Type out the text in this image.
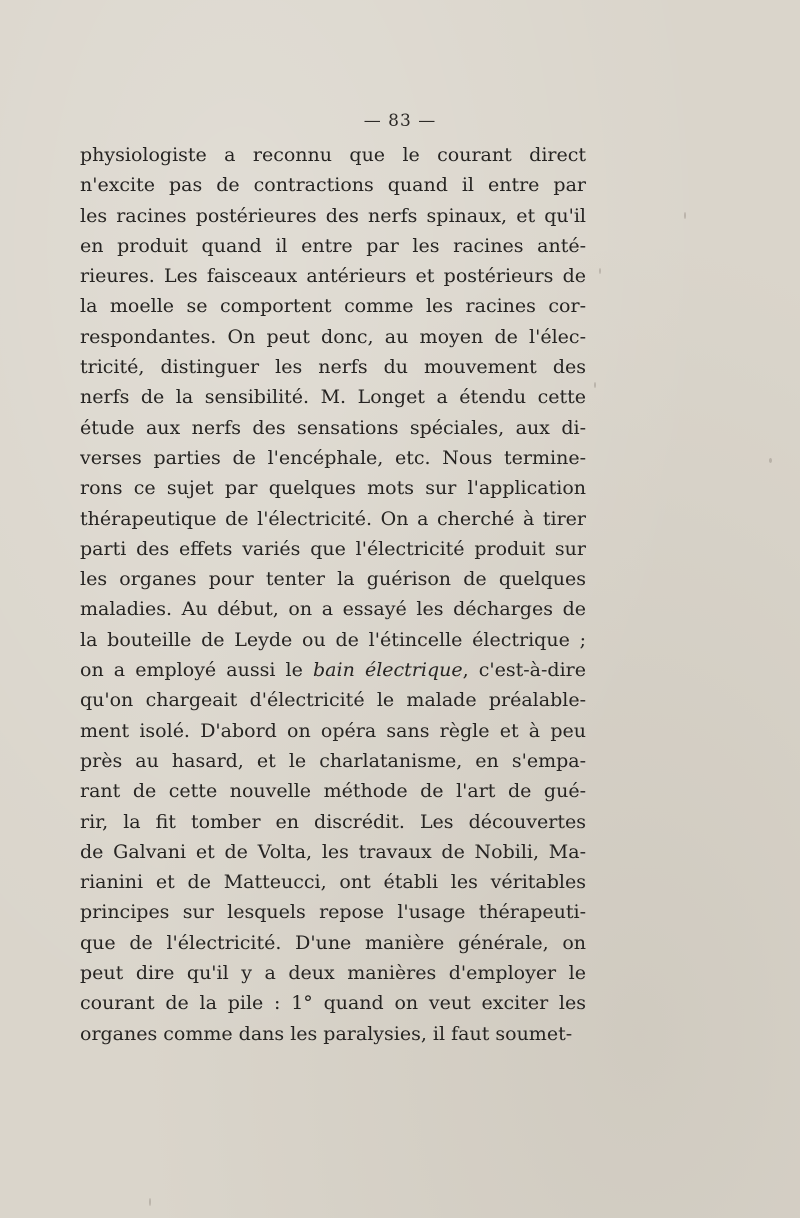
— 83 —
physiologiste a reconnu que le courant direct
n'excite pas de contractions quand il entre par
les racines postérieures des nerfs spinaux, et qu'il
en produit quand il entre par les racines anté-
rieures. Les faisceaux antérieurs et postérieurs de
la moelle se comportent comme les racines cor-
respondantes. On peut donc, au moyen de l'élec-
tricité, distinguer les nerfs du mouvement des
nerfs de la sensibilité. M. Longet a étendu cette
étude aux nerfs des sensations spéciales, aux di-
verses parties de l'encéphale, etc. Nous termine-
rons ce sujet par quelques mots sur l'application
thérapeutique de l'électricité. On a cherché à tirer
parti des effets variés que l'électricité produit sur
les organes pour tenter la guérison de quelques
maladies. Au début, on a essayé les décharges de
la bouteille de Leyde ou de l'étincelle électrique ;
on a employé aussi le bain électrique, c'est-à-dire
qu'on chargeait d'électricité le malade préalable-
ment isolé. D'abord on opéra sans règle et à peu
près au hasard, et le charlatanisme, en s'empa-
rant de cette nouvelle méthode de l'art de gué-
rir, la fit tomber en discrédit. Les découvertes
de Galvani et de Volta, les travaux de Nobili, Ma-
rianini et de Matteucci, ont établi les véritables
principes sur lesquels repose l'usage thérapeuti-
que de l'électricité. D'une manière générale, on
peut dire qu'il y a deux manières d'employer le
courant de la pile : 1° quand on veut exciter les
organes comme dans les paralysies, il faut soumet-
